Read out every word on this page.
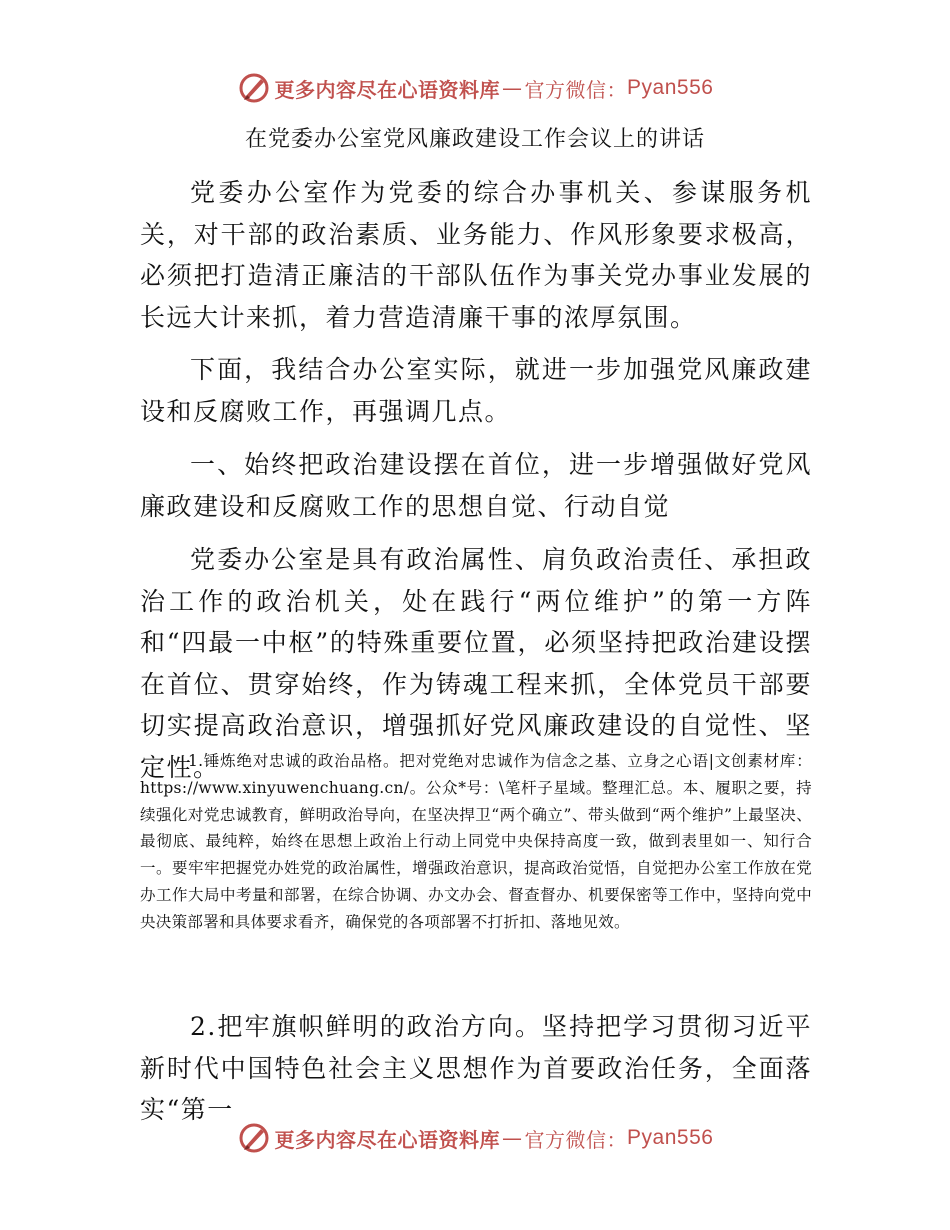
更多内容尽在心语资料库 — 官方微信： Pyan556
在党委办公室党风廉政建设工作会议上的讲话

党委办公室作为党委的综合办事机关、参谋服务机关，对干部的政治素质、业务能力、作风形象要求极高，必须把打造清正廉洁的干部队伍作为事关党办事业发展的长远大计来抓，着力营造清廉干事的浓厚氛围。

下面，我结合办公室实际，就进一步加强党风廉政建设和反腐败工作，再强调几点。

一、始终把政治建设摆在首位，进一步增强做好党风廉政建设和反腐败工作的思想自觉、行动自觉

党委办公室是具有政治属性、肩负政治责任、承担政治工作的政治机关，处在践行“两位维护”的第一方阵和“四最一中枢”的特殊重要位置，必须坚持把政治建设摆在首位、贯穿始终，作为铸魂工程来抓，全体党员干部要切实提高政治意识，增强抓好党风廉政建设的自觉性、坚定性。

1.锤炼绝对忠诚的政治品格。把对党绝对忠诚作为信念之基、立身之心语|文创素材库：https://www.xinyuwenchuang.cn/。公众*号：\笔杆子星域。整理汇总。本、履职之要，持续强化对党忠诚教育，鲜明政治导向，在坚决捍卫“两个确立”、带头做到“两个维护”上最坚决、最彻底、最纯粹，始终在思想上政治上行动上同党中央保持高度一致，做到表里如一、知行合一。要牢牢把握党办姓党的政治属性，增强政治意识，提高政治觉悟，自觉把办公室工作放在党办工作大局中考量和部署，在综合协调、办文办会、督查督办、机要保密等工作中，坚持向党中央决策部署和具体要求看齐，确保党的各项部署不打折扣、落地见效。

2.把牢旗帜鲜明的政治方向。坚持把学习贯彻习近平新时代中国特色社会主义思想作为首要政治任务，全面落实“第一

更多内容尽在心语资料库 — 官方微信： Pyan556
